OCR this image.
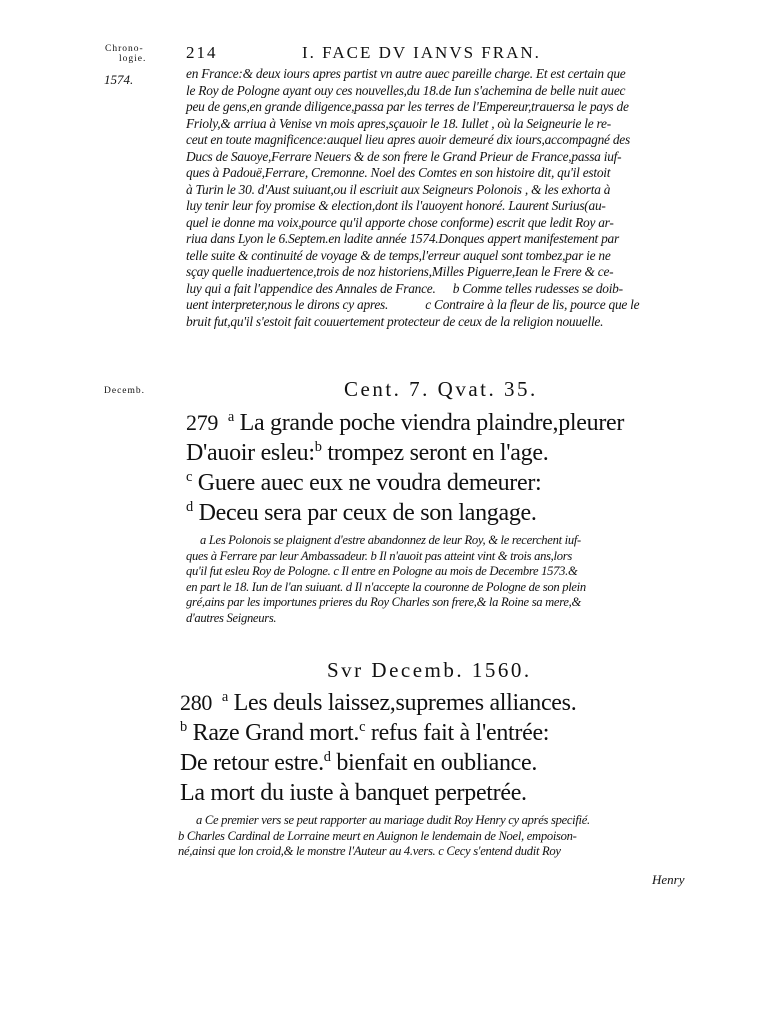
Chrono-
logie. 214	I. FACE DV IANVS FRAN.
1574.	en France:& deux iours apres partist vn autre auec pareille charge. Et est certain que
le Roy de Pologne ayant ouy ces nouvelles,du 18.de Iun s'achemina de belle nuit auec
peu de gens,en grande diligence,passa par les terres de l'Empereur,trauersa le pays de
Frioly,& arriua à Venise vn mois apres,sçauoir le 18. Iullet , où la Seigneurie le re-
ceut en toute magnificence:auquel lieu apres auoir demeuré dix iours,accompagné des
Ducs de Sauoye,Ferrare Neuers & de son frere le Grand Prieur de France,passa iuf-
ques à Padouë,Ferrare, Cremonne. Noel des Comtes en son histoire dit, qu'il estoit
à Turin le 30. d'Aust suiuant,ou il escriuit aux Seigneurs Polonois , & les exhorta à
luy tenir leur foy promise & election,dont ils l'auoyent honoré. Laurent Surius(au-
quel ie donne ma voix,pource qu'il apporte chose conforme) escrit que ledit Roy ar-
riua dans Lyon le 6.Septem.en ladite année 1574.Donques appert manifestement par
telle suite & continuité de voyage & de temps,l'erreur auquel sont tombez,par ie ne
sçay quelle inaduertence,trois de noz historiens,Milles Piguerre,Iean le Frere & ce-
luy qui a fait l'appendice des Annales de France. b Comme telles rudesses se doib-
uent interpreter,nous le dirons cy apres.	c Contraire à la fleur de lis, pource que le
bruit fut,qu'il s'estoit fait couuertement protecteur de ceux de la religion nouuelle.
Decemb.	Cent. 7. Qvat. 35.
279 $^a$ La grande poche viendra plaindre,pleurer
D'auoir esleu:$^b$ trompez seront en l'age.
$^c$ Guere auec eux ne voudra demeurer:
$^d$ Deceu sera par ceux de son langage.
a Les Polonois se plaignent d'estre abandonnez de leur Roy, & le recerchent iuf-
ques à Ferrare par leur Ambassadeur. b Il n'auoit pas atteint vint & trois ans,lors
qu'il fut esleu Roy de Pologne. c Il entre en Pologne au mois de Decembre 1573.&
en part le 18. Iun de l'an suiuant. d Il n'accepte la couronne de Pologne de son plein
gré,ains par les importunes prieres du Roy Charles son frere,& la Roine sa mere,&
d'autres Seigneurs.
Svr Decemb. 1560.
280 $^a$ Les deuls laissez,supremes alliances.
$^b$ Raze Grand mort.$^c$ refus fait à l'entrée:
De retour estre.$^d$ bienfait en oubliance.
La mort du iuste à banquet perpetrée.
a Ce premier vers se peut rapporter au mariage dudit Roy Henry cy aprés specifié.
b Charles Cardinal de Lorraine meurt en Auignon le lendemain de Noel, empoison-
né,ainsi que lon croid,& le monstre l'Auteur au 4.vers. c Cecy s'entend dudit Roy
Henry
